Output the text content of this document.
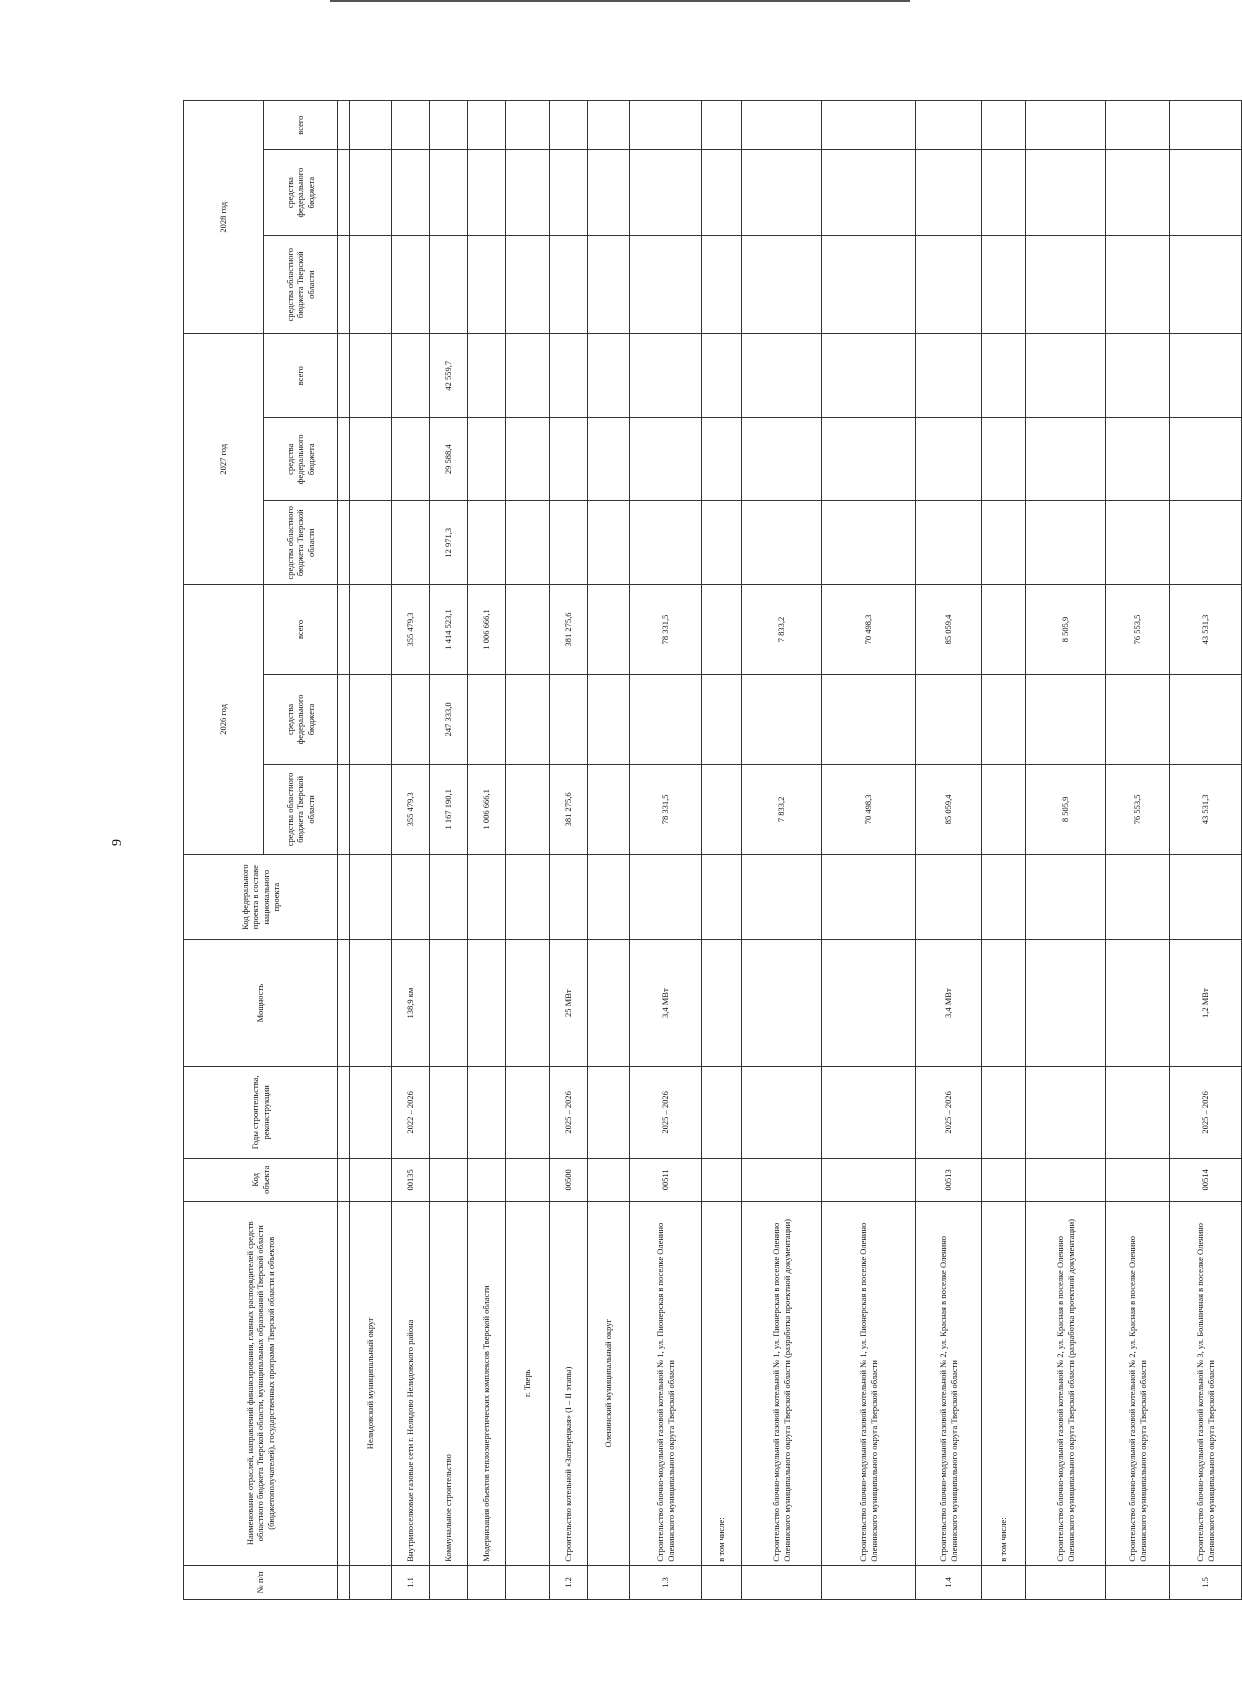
9
№ п/п	Наименование отраслей, направлений финансирования, главных распорядителей средств областного бюджета Тверской области, муниципальных образований Тверской области (бюджетополучателей), государственных программ Тверской области и объектов	Код объекта	Годы строительства, реконструкции	Мощность	Код федерального проекта в составе национального проекта	2026 год			2027 год			2028 год		
						средства областного бюджета Тверской области	средства федерального бюджета	всего	средства областного бюджета Тверской области	средства федерального бюджета	всего	средства областного бюджета Тверской области	средства федерального бюджета	всего

	Нелидовский муниципальный округ													
1.1	Внутрипоселковые газовые сети г. Нелидово Нелидовского района	00135	2022 – 2026	138,9 км		355 479,3		355 479,3						
	Коммунальное строительство					1 167 190,1	247 333,0	1 414 523,1	12 971,3	29 588,4	42 559,7			
	Модернизация объектов теплоэнергетических комплексов Тверской области					1 006 666,1		1 006 666,1						
	г. Тверь													
1.2	Строительство котельной «Затверецкая» (I – II этапы)	00500	2025 – 2026	25 МВт		381 275,6		381 275,6						
	Оленинский муниципальный округ													
1.3	Строительство блочно-модульной газовой котельной № 1, ул. Пионерская в поселке Оленино Оленинского муниципального округа Тверской области	00511	2025 – 2026	3,4 МВт		78 331,5		78 331,5						
	в том числе:													
	Строительство блочно-модульной газовой котельной № 1, ул. Пионерская в поселке Оленино Оленинского муниципального округа Тверской области (разработка проектной документации)					7 833,2		7 833,2						
	Строительство блочно-модульной газовой котельной № 1, ул. Пионерская в поселке Оленино Оленинского муниципального округа Тверской области					70 498,3		70 498,3						
1.4	Строительство блочно-модульной газовой котельной № 2, ул. Красная в поселке Оленино Оленинского муниципального округа Тверской области	00513	2025 – 2026	3,4 МВт		85 059,4		85 059,4						
	в том числе:													
	Строительство блочно-модульной газовой котельной № 2, ул. Красная в поселке Оленино Оленинского муниципального округа Тверской области (разработка проектной документации)					8 505,9		8 505,9						
	Строительство блочно-модульной газовой котельной № 2, ул. Красная в поселке Оленино Оленинского муниципального округа Тверской области					76 553,5		76 553,5						
1.5	Строительство блочно-модульной газовой котельной № 3, ул. Больничная в поселке Оленино Оленинского муниципального округа Тверской области	00514	2025 – 2026	1,2 МВт		43 531,3		43 531,3						
